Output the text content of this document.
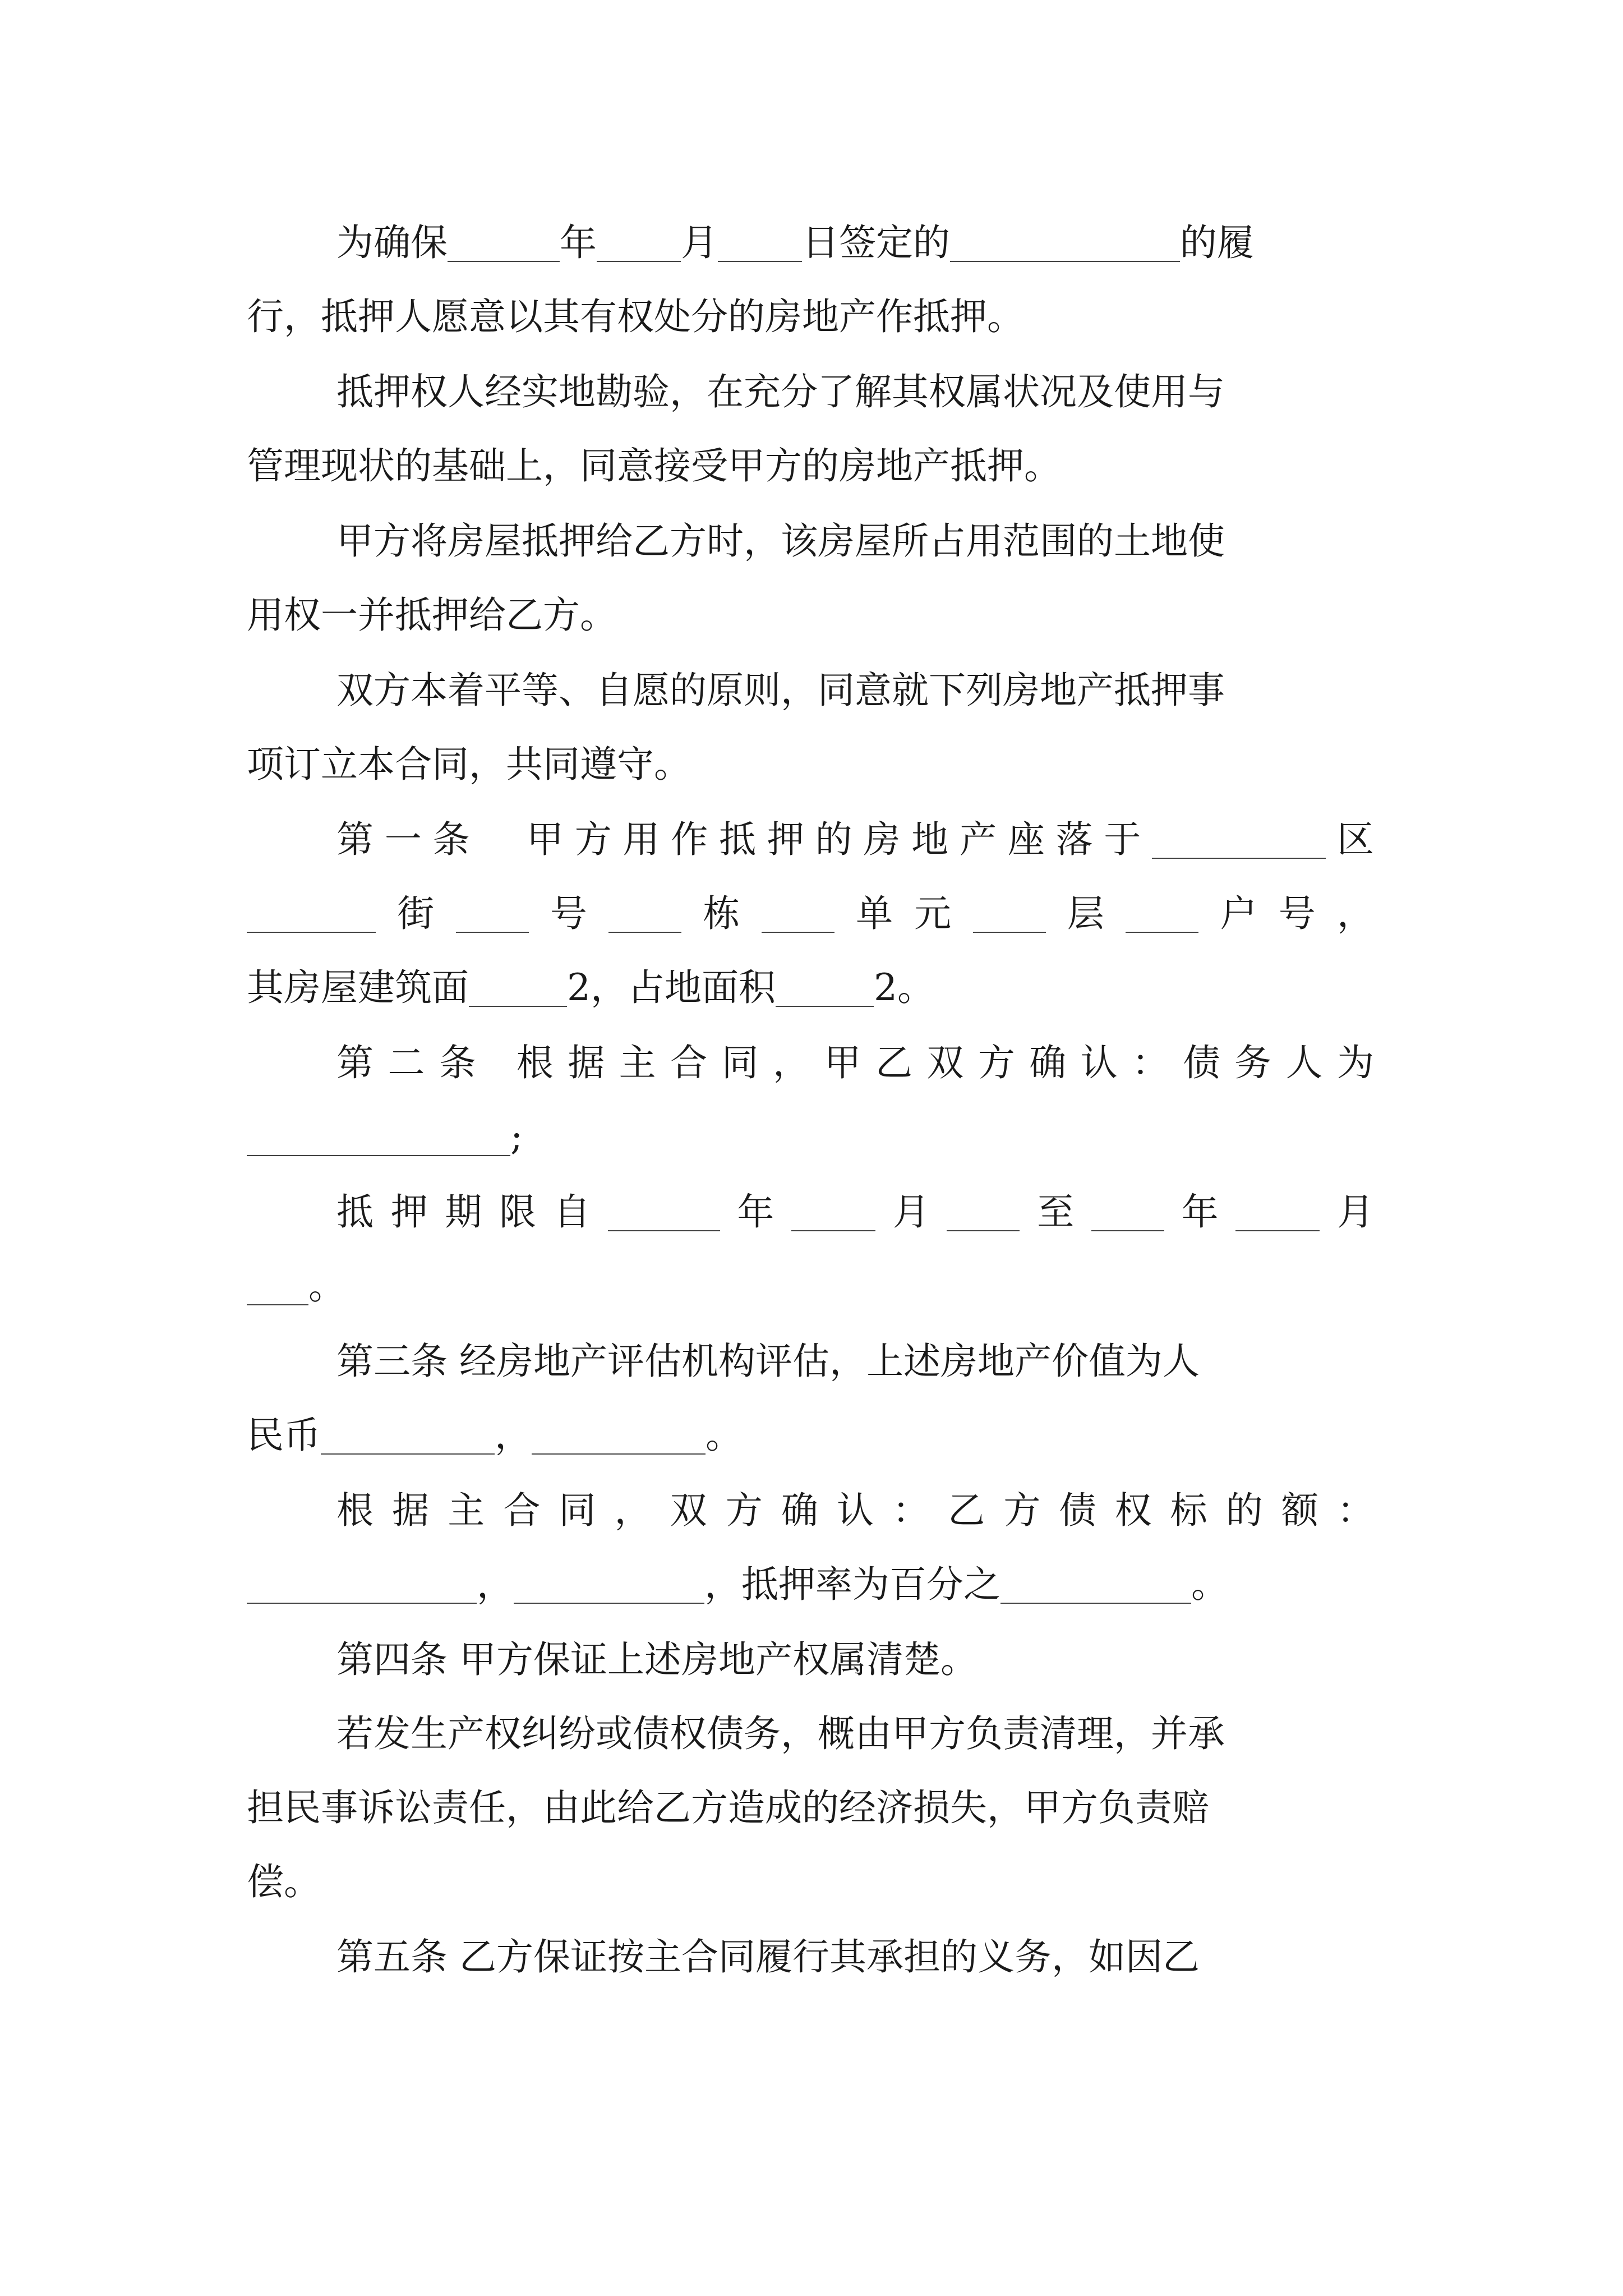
为确保	年 月 日签定的	的履
行，抵押人愿意以其有权处分的房地产作抵押。
抵押权人经实地勘验，在充分了解其权属状况及使用与
管理现状的基础上，同意接受甲方的房地产抵押。
甲方将房屋抵押给乙方时，该房屋所占用范围的土地使
用权一并抵押给乙方。
双方本着平等、自愿的原则，同意就下列房地产抵押事
项订立本合同，共同遵守。
第一条  甲方用作抵押的房地产座落于	区
街 号 栋 单元 层 户号，
其房屋建筑面	2，占地面积	2。
第二条 根据主合同，甲乙双方确认：债务人为
;
抵押期限自	年 月 至 年 月
。
第三条 经房地产评估机构评估，上述房地产价值为人
民币	，	。
根据主合同，双方确认：乙方债权标的额：
，	，抵押率为百分之	。
第四条 甲方保证上述房地产权属清楚。
若发生产权纠纷或债权债务，概由甲方负责清理，并承
担民事诉讼责任，由此给乙方造成的经济损失，甲方负责赔
偿。
第五条 乙方保证按主合同履行其承担的义务，如因乙
